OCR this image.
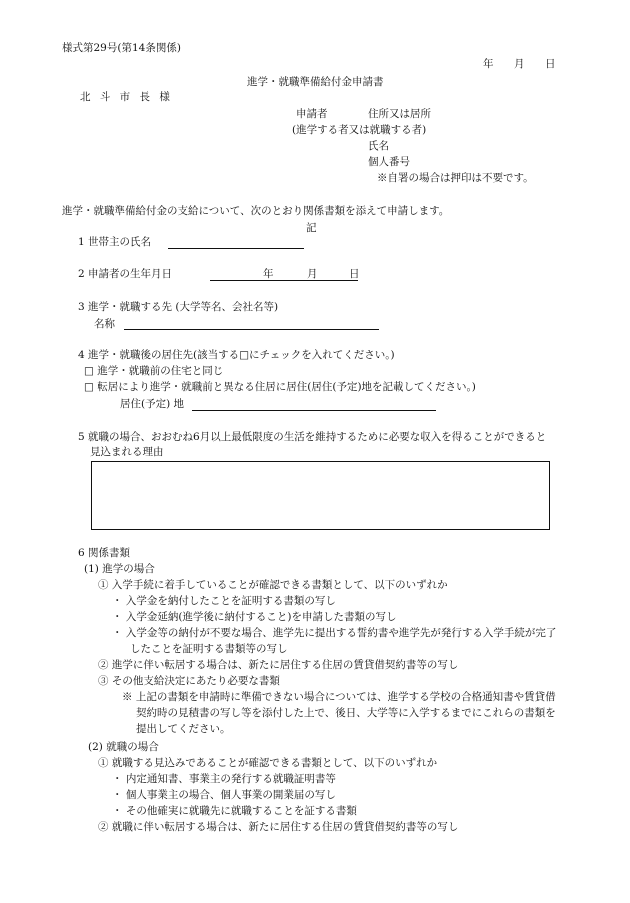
様式第29号(第14条関係)
年 月 日
進学・就職準備給付金申請書
北 斗 市 長 様
申請者	住所又は居所
(進学する者又は就職する者)
氏名
個人番号
※自署の場合は押印は不要です。
進学・就職準備給付金の支給について、次のとおり関係書類を添えて申請します。
記
1 世帯主の氏名
2 申請者の生年月日	年	月	日
3 進学・就職する先 (大学等名、会社名等)
名称
4 進学・就職後の居住先(該当する□にチェックを入れてください。)
□ 進学・就職前の住宅と同じ
□ 転居により進学・就職前と異なる住居に居住(居住(予定)地を記載してください。)
居住(予定) 地
5 就職の場合、おおむね6月以上最低限度の生活を維持するために必要な収入を得ることができると
見込まれる理由
6 関係書類
(1) 進学の場合
① 入学手続に着手していることが確認できる書類として、以下のいずれか
・ 入学金を納付したことを証明する書類の写し
・ 入学金延納(進学後に納付すること)を申請した書類の写し
・ 入学金等の納付が不要な場合、進学先に提出する誓約書や進学先が発行する入学手続が完了
したことを証明する書類等の写し
② 進学に伴い転居する場合は、新たに居住する住居の賃貸借契約書等の写し
③ その他支給決定にあたり必要な書類
※ 上記の書類を申請時に準備できない場合については、進学する学校の合格通知書や賃貸借
契約時の見積書の写し等を添付した上で、後日、大学等に入学するまでにこれらの書類を
提出してください。
(2) 就職の場合
① 就職する見込みであることが確認できる書類として、以下のいずれか
・ 内定通知書、事業主の発行する就職証明書等
・ 個人事業主の場合、個人事業の開業届の写し
・ その他確実に就職先に就職することを証する書類
② 就職に伴い転居する場合は、新たに居住する住居の賃貸借契約書等の写し
